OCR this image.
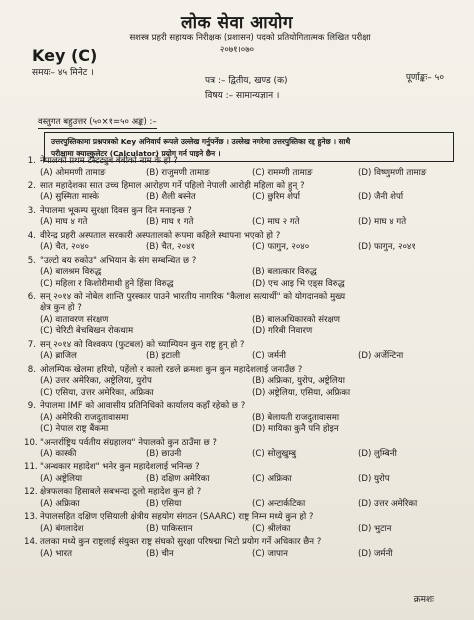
लोक सेवा आयोग
सशस्त्र प्रहरी सहायक निरीक्षक (प्रशासन) पदको प्रतियोगितात्मक लिखित परीक्षा
२०७१।०७०
Key (C)
समयः– ४५ मिनेट ।	पूर्णाङ्कः– ५०
पत्र :– द्वितीय, खण्ड (क)
विषय :– सामान्यज्ञान ।
वस्तुगत बहुउत्तर (५०×१=५० अङ्क) :–
उत्तरपुस्तिकामा प्रश्नपत्रको Key अनिवार्य रूपले उल्लेख गर्नुपर्नेछ । उल्लेख नगरेमा उत्तरपुस्तिका रद्द हुनेछ । साथै
परीक्षामा क्याल्कुलेटर (Calculator) प्रयोग गर्न पाइने छैन ।
1. नेपालको प्रथम टेस्टट्युब बेबीको नाम के हो ?
(A) ओममणी तामाङ	(B) राजुमणी तामाङ	(C) रामम्णी तामाङ	(D) विष्णुमणी तामाङ
2. सात महादेशका सात उच्च हिमाल आरोहण गर्ने पहिलो नेपाली आरोही महिला को हुन् ?
(A) सुस्मिता मास्के	(B) शैली बस्नेत	(C) छुरिम शेर्पा	(D) जैनी शेर्पा
3. नेपालमा भूकम्प सुरक्षा दिवस कुन दिन मनाइन्छ ?
(A) माघ ४ गते	(B) माघ १ गते	(C) माघ २ गते	(D) माघ ४ गते
4. वीरेन्द्र प्रहरी अस्पताल सरकारी अस्पतालको रूपमा कहिले स्थापना भएको हो ?
(A) चैत, २०४०	(B) चैत, २०४१	(C) फागुन, २०४०	(D) फागुन, २०४१
5. "उल्टो बय रुकोउ" अभियान के संग सम्बन्धित छ ?
(A) बालश्रम विरुद्ध	(B) बलात्कार विरुद्ध
(C) महिला र किशोरीमाथी हुने हिंसा विरुद्ध	(D) एच आइ भि एड्स विरुद्ध
6. सन् २०१४ को नोबेल शान्ति पुरस्कार पाउने भारतीय नागरिक "कैलाश सत्यार्थी" को योगदानको मुख्य
क्षेत्र कुन हो ?
(A) वातावरण संरक्षण	(B) बालअधिकारको संरक्षण
(C) चेरिटी बेचबिखन रोकथाम	(D) गरिबी निवारण
7. सन् २०१४ को विश्वकप (फुटबल) को च्याम्पियन कुन राष्ट्र हुन् हो ?
(A) ब्राजिल	(B) इटाली	(C) जर्मनी	(D) अर्जेन्टिना
8. ओलम्पिक खेलमा हरियो, पहेंलो र कालो रङले क्रमशः कुन कुन महादेशलाई जनाउँछ ?
(A) उत्तर अमेरिका, अष्ट्रेलिया, युरोप	(B) अफ्रिका, युरोप, अष्ट्रेलिया
(C) एसिया, उत्तर अमेरिका, अफ्रिका	(D) अष्ट्रेलिया, एसिया, अफ्रिका
9. नेपालमा IMF को आवासीय प्रतिनिधिको कार्यालय कहाँ रहेको छ ?
(A) अमेरिकी राजदुतावासमा	(B) बेलायती राजदुतावासमा
(C) नेपाल राष्ट्र बैंकमा	(D) मायिका कुनै पनि होइन
10. "अन्तर्राष्ट्रिय पर्वतीय संग्रहालय" नेपालको कुन ठाउँमा छ ?
(A) कास्की	(B) छाउनी	(C) सोलुखुम्बु	(D) लुम्बिनी
11. "अन्धकार महादेश" भनेर कुन महादेशलाई भनिन्छ ?
(A) अष्ट्रेलिया	(B) दक्षिण अमेरिका	(C) अफ्रिका	(D) युरोप
12. क्षेत्रफलका हिसाबले सबभन्दा ठूलो महादेश कुन हो ?
(A) अफ्रिका	(B) एसिया	(C) अन्टार्कटिका	(D) उत्तर अमेरिका
13. नेपालसहित दक्षिण एसियाली क्षेत्रीय सहयोग संगठन (SAARC) राष्ट्र निम्न मध्ये कुन हो ?
(A) बंगलादेश	(B) पाकिस्तान	(C) श्रीलंका	(D) भुटान
14. तलका मध्ये कुन राष्ट्रलाई संयुक्त राष्ट्र संघको सुरक्षा परिषद्मा भिटो प्रयोग गर्ने अधिकार छैन ?
(A) भारत	(B) चीन	(C) जापान	(D) जर्मनी
क्रमशः
